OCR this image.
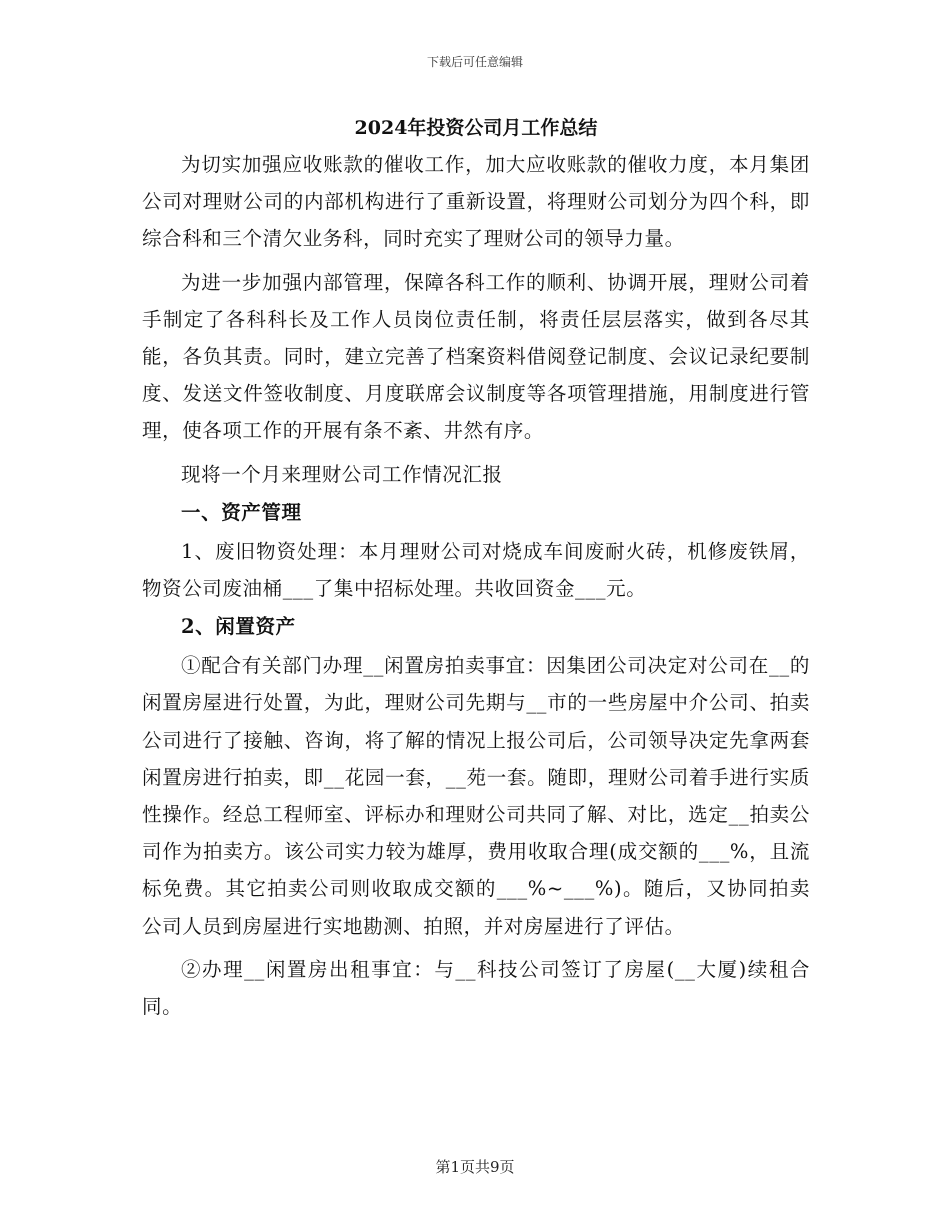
下载后可任意编辑
2024年投资公司月工作总结

为切实加强应收账款的催收工作，加大应收账款的催收力度，本月集团公司对理财公司的内部机构进行了重新设置，将理财公司划分为四个科，即综合科和三个清欠业务科，同时充实了理财公司的领导力量。

为进一步加强内部管理，保障各科工作的顺利、协调开展，理财公司着手制定了各科科长及工作人员岗位责任制，将责任层层落实，做到各尽其能，各负其责。同时，建立完善了档案资料借阅登记制度、会议记录纪要制度、发送文件签收制度、月度联席会议制度等各项管理措施，用制度进行管理，使各项工作的开展有条不紊、井然有序。

现将一个月来理财公司工作情况汇报

一、资产管理

1、废旧物资处理：本月理财公司对烧成车间废耐火砖，机修废铁屑，物资公司废油桶___了集中招标处理。共收回资金___元。

2、闲置资产

①配合有关部门办理__闲置房拍卖事宜：因集团公司决定对公司在__的闲置房屋进行处置，为此，理财公司先期与__市的一些房屋中介公司、拍卖公司进行了接触、咨询，将了解的情况上报公司后，公司领导决定先拿两套闲置房进行拍卖，即__花园一套，__苑一套。随即，理财公司着手进行实质性操作。经总工程师室、评标办和理财公司共同了解、对比，选定__拍卖公司作为拍卖方。该公司实力较为雄厚，费用收取合理(成交额的___%，且流标免费。其它拍卖公司则收取成交额的___%~___%)。随后，又协同拍卖公司人员到房屋进行实地勘测、拍照，并对房屋进行了评估。

②办理__闲置房出租事宜：与__科技公司签订了房屋(__大厦)续租合同。

第1页共9页
